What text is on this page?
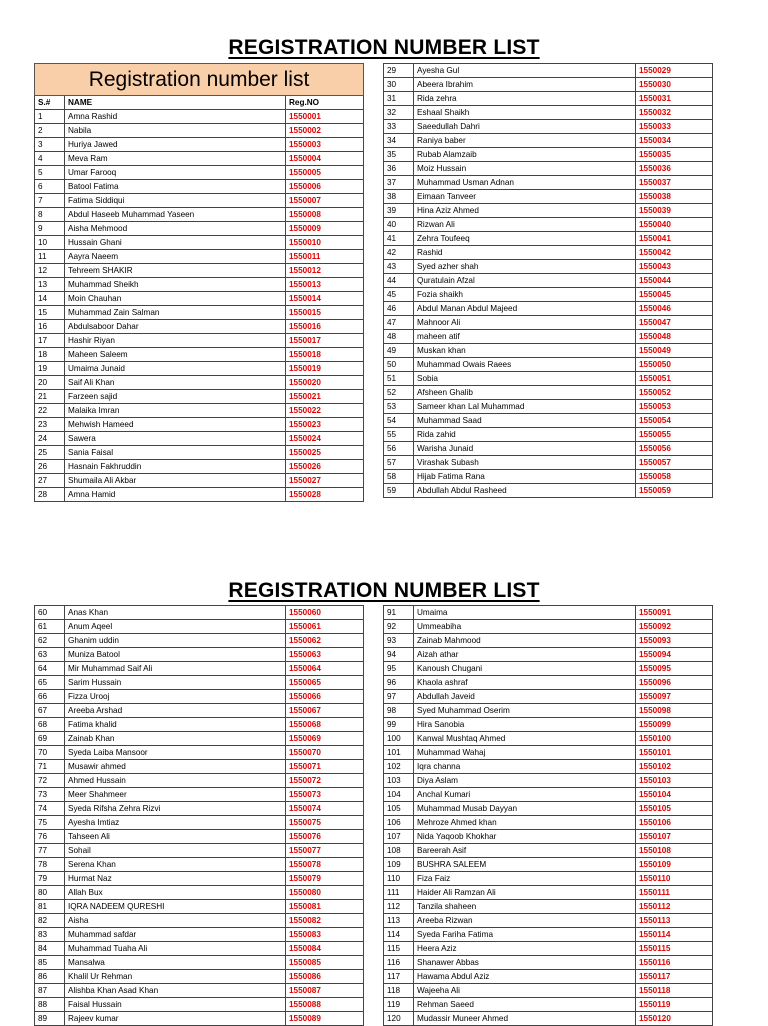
REGISTRATION NUMBER LIST
Registration number list		
S.#	NAME	Reg.NO
1	Amna Rashid	1550001
2	Nabila	1550002
3	Huriya Jawed	1550003
4	Meva Ram	1550004
5	Umar Farooq	1550005
6	Batool Fatima	1550006
7	Fatima Siddiqui	1550007
8	Abdul Haseeb Muhammad Yaseen	1550008
9	Aisha Mehmood	1550009
10	Hussain Ghani	1550010
11	Aayra Naeem	1550011
12	Tehreem SHAKIR	1550012
13	Muhammad Sheikh	1550013
14	Moin Chauhan	1550014
15	Muhammad Zain Salman	1550015
16	Abdulsaboor Dahar	1550016
17	Hashir Riyan	1550017
18	Maheen Saleem	1550018
19	Umaima Junaid	1550019
20	Saif Ali Khan	1550020
21	Farzeen sajid	1550021
22	Malaika Imran	1550022
23	Mehwish Hameed	1550023
24	Sawera	1550024
25	Sania Faisal	1550025
26	Hasnain Fakhruddin	1550026
27	Shumaila Ali Akbar	1550027
28	Amna Hamid	1550028
29	Ayesha Gul	1550029
30	Abeera Ibrahim	1550030
31	Rida zehra	1550031
32	Eshaal Shaikh	1550032
33	Saeedullah Dahri	1550033
34	Raniya baber	1550034
35	Rubab Alamzaib	1550035
36	Moiz Hussain	1550036
37	Muhammad Usman Adnan	1550037
38	Eimaan Tanveer	1550038
39	Hina Aziz Ahmed	1550039
40	Rizwan Ali	1550040
41	Zehra Toufeeq	1550041
42	Rashid	1550042
43	Syed azher shah	1550043
44	Quratulain Afzal	1550044
45	Fozia shaikh	1550045
46	Abdul Manan Abdul Majeed	1550046
47	Mahnoor Ali	1550047
48	maheen atif	1550048
49	Muskan khan	1550049
50	Muhammad Owais Raees	1550050
51	Sobia	1550051
52	Afsheen Ghalib	1550052
53	Sameer khan Lal Muhammad	1550053
54	Muhammad Saad	1550054
55	Rida zahid	1550055
56	Warisha Junaid	1550056
57	Virashak Subash	1550057
58	Hijab Fatima Rana	1550058
59	Abdullah Abdul Rasheed	1550059
REGISTRATION NUMBER LIST
60	Anas Khan	1550060
61	Anum Aqeel	1550061
62	Ghanim uddin	1550062
63	Muniza Batool	1550063
64	Mir Muhammad Saif Ali	1550064
65	Sarim Hussain	1550065
66	Fizza Urooj	1550066
67	Areeba Arshad	1550067
68	Fatima khalid	1550068
69	Zainab Khan	1550069
70	Syeda Laiba Mansoor	1550070
71	Musawir ahmed	1550071
72	Ahmed Hussain	1550072
73	Meer Shahmeer	1550073
74	Syeda Rifsha Zehra Rizvi	1550074
75	Ayesha Imtiaz	1550075
76	Tahseen Ali	1550076
77	Sohail	1550077
78	Serena Khan	1550078
79	Hurmat Naz	1550079
80	Allah Bux	1550080
81	IQRA NADEEM QURESHI	1550081
82	Aisha	1550082
83	Muhammad safdar	1550083
84	Muhammad Tuaha Ali	1550084
85	Mansalwa	1550085
86	Khalil Ur Rehman	1550086
87	Alishba Khan Asad Khan	1550087
88	Faisal Hussain	1550088
89	Rajeev kumar	1550089
91	Umaima	1550091
92	Ummeabiha	1550092
93	Zainab Mahmood	1550093
94	Aizah athar	1550094
95	Kanoush Chugani	1550095
96	Khaola ashraf	1550096
97	Abdullah Javeid	1550097
98	Syed Muhammad Oserim	1550098
99	Hira Sanobia	1550099
100	Kanwal Mushtaq Ahmed	1550100
101	Muhammad Wahaj	1550101
102	Iqra channa	1550102
103	Diya Aslam	1550103
104	Anchal Kumari	1550104
105	Muhammad Musab Dayyan	1550105
106	Mehroze Ahmed khan	1550106
107	Nida Yaqoob Khokhar	1550107
108	Bareerah Asif	1550108
109	BUSHRA SALEEM	1550109
110	Fiza Faiz	1550110
111	Haider Ali Ramzan Ali	1550111
112	Tanzila shaheen	1550112
113	Areeba Rizwan	1550113
114	Syeda Fariha Fatima	1550114
115	Heera Aziz	1550115
116	Shanawer Abbas	1550116
117	Hawama Abdul Aziz	1550117
118	Wajeeha Ali	1550118
119	Rehman Saeed	1550119
120	Mudassir Muneer Ahmed	1550120
